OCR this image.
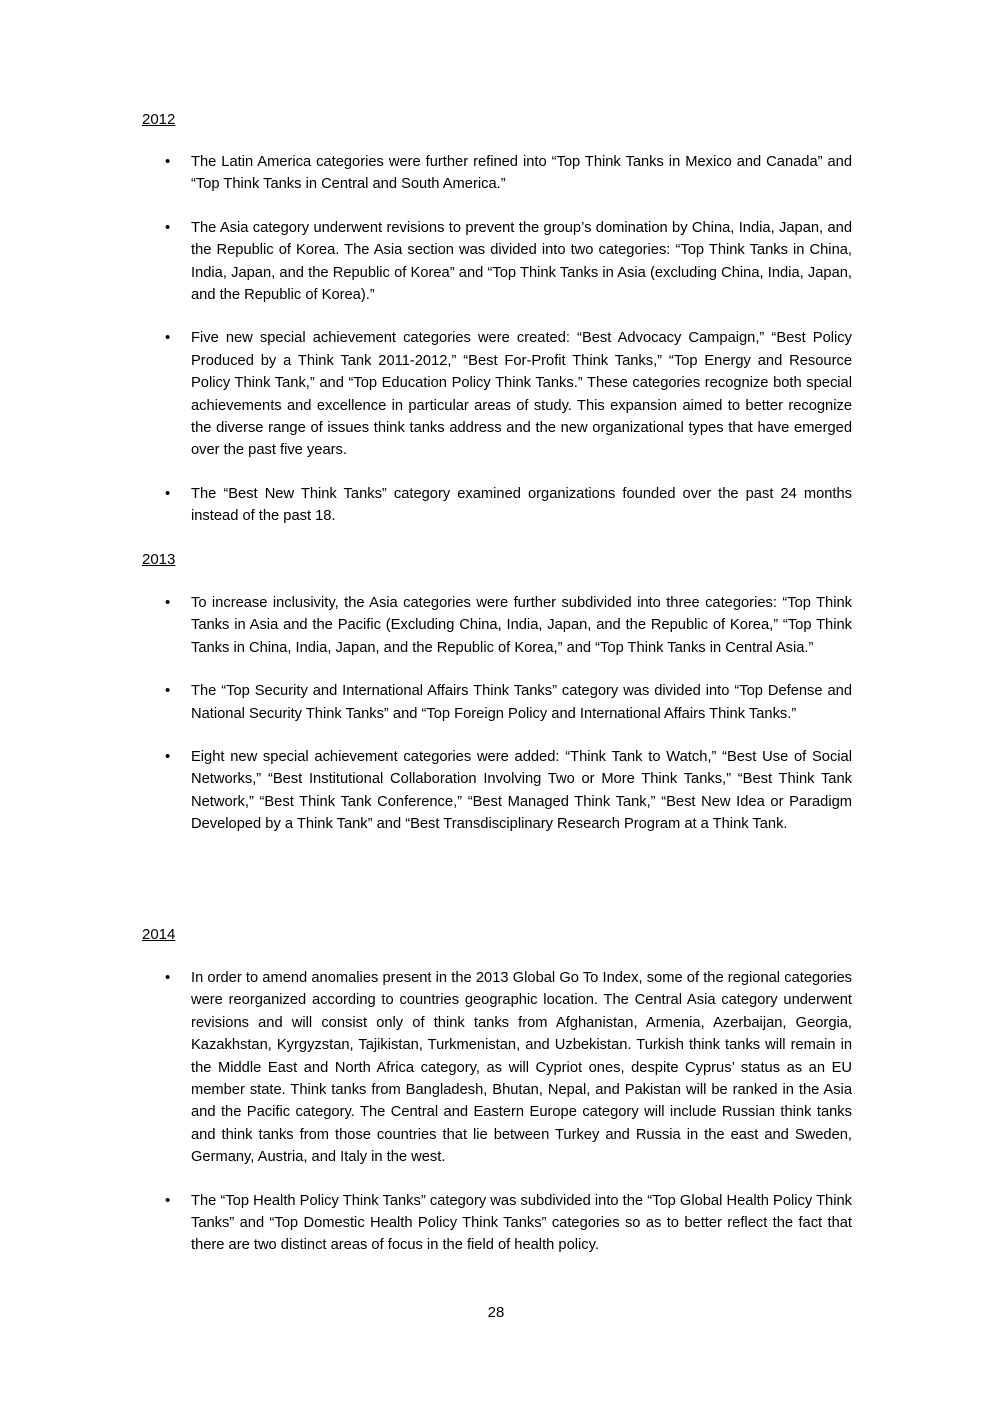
2012

• The Latin America categories were further refined into “Top Think Tanks in Mexico and Canada” and “Top Think Tanks in Central and South America.”
• The Asia category underwent revisions to prevent the group’s domination by China, India, Japan, and the Republic of Korea. The Asia section was divided into two categories: “Top Think Tanks in China, India, Japan, and the Republic of Korea” and “Top Think Tanks in Asia (excluding China, India, Japan, and the Republic of Korea).”
• Five new special achievement categories were created: “Best Advocacy Campaign,” “Best Policy Produced by a Think Tank 2011-2012,” “Best For-Profit Think Tanks,” “Top Energy and Resource Policy Think Tank,” and “Top Education Policy Think Tanks.” These categories recognize both special achievements and excellence in particular areas of study. This expansion aimed to better recognize the diverse range of issues think tanks address and the new organizational types that have emerged over the past five years.
• The “Best New Think Tanks” category examined organizations founded over the past 24 months instead of the past 18.

2013

• To increase inclusivity, the Asia categories were further subdivided into three categories: “Top Think Tanks in Asia and the Pacific (Excluding China, India, Japan, and the Republic of Korea,” “Top Think Tanks in China, India, Japan, and the Republic of Korea,” and “Top Think Tanks in Central Asia.”
• The “Top Security and International Affairs Think Tanks” category was divided into “Top Defense and National Security Think Tanks” and “Top Foreign Policy and International Affairs Think Tanks.”
• Eight new special achievement categories were added: “Think Tank to Watch,” “Best Use of Social Networks,” “Best Institutional Collaboration Involving Two or More Think Tanks,” “Best Think Tank Network,” “Best Think Tank Conference,” “Best Managed Think Tank,” “Best New Idea or Paradigm Developed by a Think Tank” and “Best Transdisciplinary Research Program at a Think Tank.

2014

• In order to amend anomalies present in the 2013 Global Go To Index, some of the regional categories were reorganized according to countries geographic location. The Central Asia category underwent revisions and will consist only of think tanks from Afghanistan, Armenia, Azerbaijan, Georgia, Kazakhstan, Kyrgyzstan, Tajikistan, Turkmenistan, and Uzbekistan. Turkish think tanks will remain in the Middle East and North Africa category, as will Cypriot ones, despite Cyprus’ status as an EU member state. Think tanks from Bangladesh, Bhutan, Nepal, and Pakistan will be ranked in the Asia and the Pacific category. The Central and Eastern Europe category will include Russian think tanks and think tanks from those countries that lie between Turkey and Russia in the east and Sweden, Germany, Austria, and Italy in the west.
• The “Top Health Policy Think Tanks” category was subdivided into the “Top Global Health Policy Think Tanks” and “Top Domestic Health Policy Think Tanks” categories so as to better reflect the fact that there are two distinct areas of focus in the field of health policy.

28
